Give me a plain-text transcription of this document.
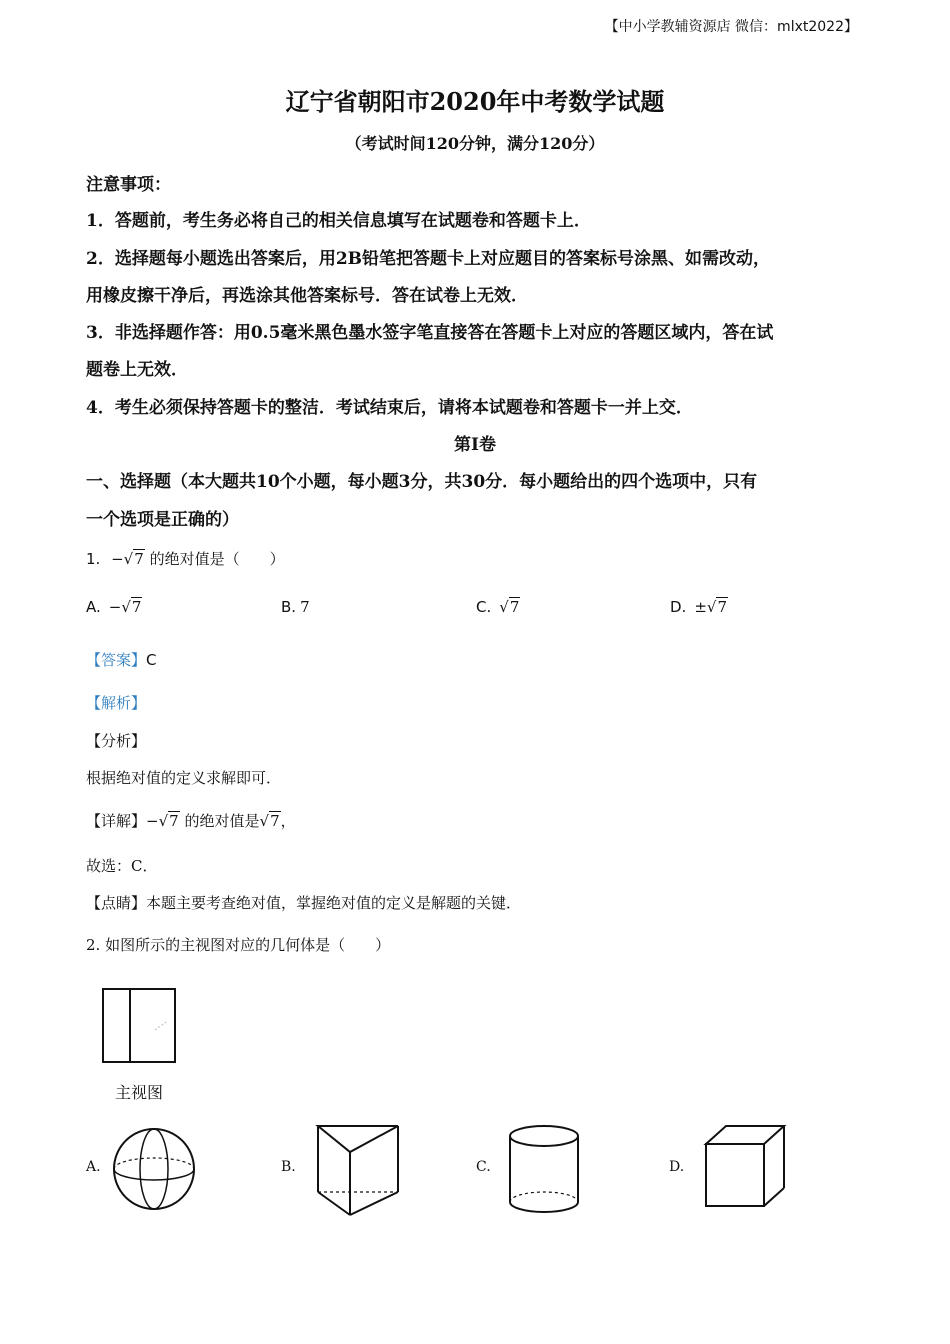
【中小学教辅资源店 微信：mlxt2022】
辽宁省朝阳市2020年中考数学试题
（考试时间120分钟，满分120分）
注意事项：
1．答题前，考生务必将自己的相关信息填写在试题卷和答题卡上．
2．选择题每小题选出答案后，用2B铅笔把答题卡上对应题目的答案标号涂黑、如需改动，
用橡皮擦干净后，再选涂其他答案标号．答在试卷上无效．
3．非选择题作答：用0.5毫米黑色墨水签字笔直接答在答题卡上对应的答题区域内，答在试
题卷上无效．
4．考生必须保持答题卡的整洁．考试结束后，请将本试题卷和答题卡一并上交．
第I卷
一、选择题（本大题共10个小题，每小题3分，共30分．每小题给出的四个选项中，只有
一个选项是正确的）
1. −√7 的绝对值是（　　）
A. −√7	B. 7	C. √7	D. ±√7
【答案】C
【解析】
【分析】
根据绝对值的定义求解即可．
【详解】−√7 的绝对值是√7，
故选：C．
【点睛】本题主要考查绝对值，掌握绝对值的定义是解题的关键．
2. 如图所示的主视图对应的几何体是（　　）
主视图
A.	B.	C.	D.
